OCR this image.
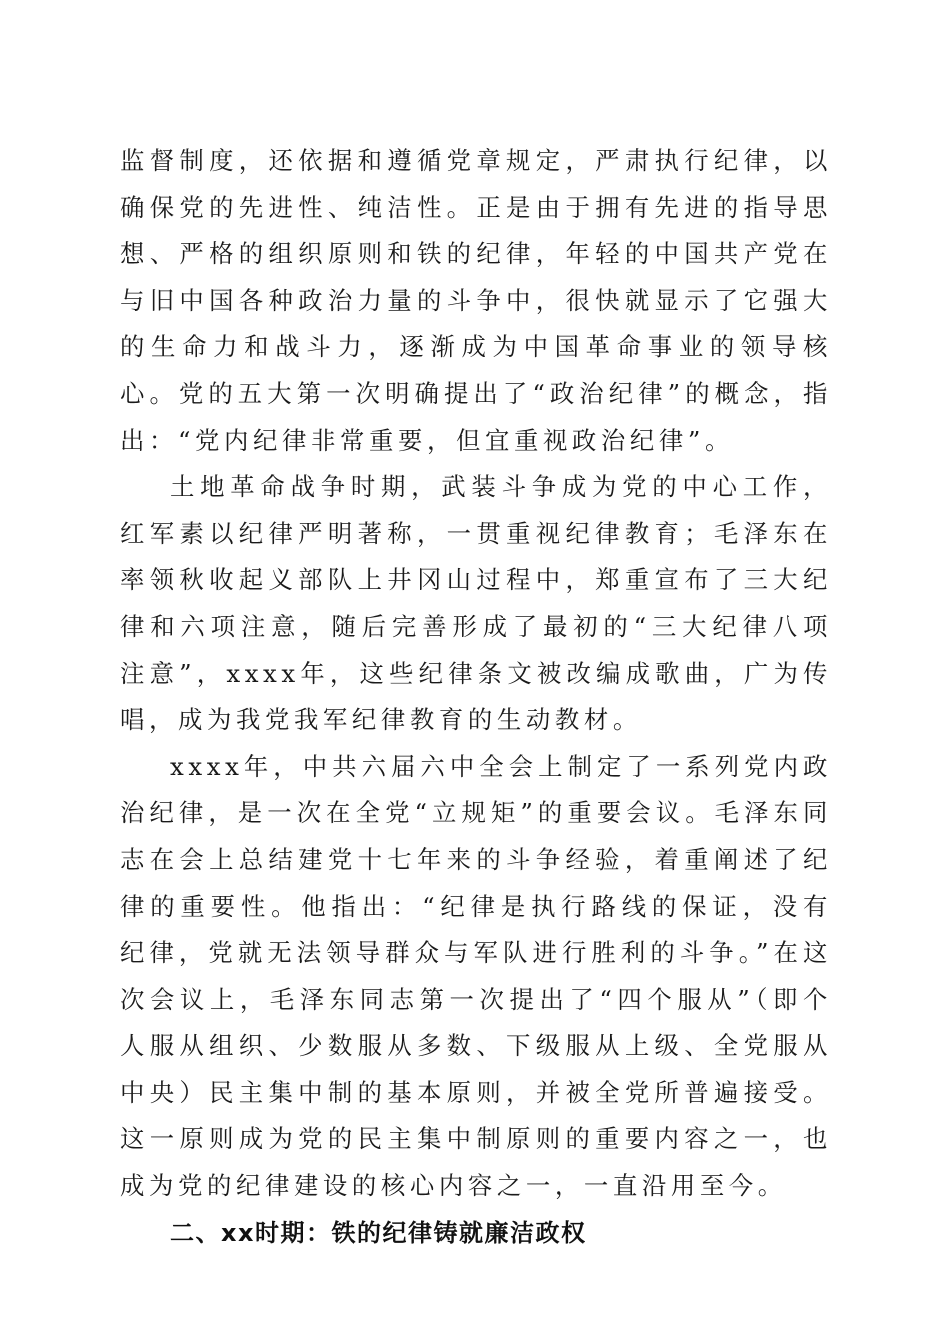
监督制度，还依据和遵循党章规定，严肃执行纪律，以确保党的先进性、纯洁性。正是由于拥有先进的指导思想、严格的组织原则和铁的纪律，年轻的中国共产党在与旧中国各种政治力量的斗争中，很快就显示了它强大的生命力和战斗力，逐渐成为中国革命事业的领导核心。党的五大第一次明确提出了“政治纪律”的概念，指出：“党内纪律非常重要，但宜重视政治纪律”。

土地革命战争时期，武装斗争成为党的中心工作，红军素以纪律严明著称，一贯重视纪律教育；毛泽东在率领秋收起义部队上井冈山过程中，郑重宣布了三大纪律和六项注意，随后完善形成了最初的“三大纪律八项注意”，xxxx年，这些纪律条文被改编成歌曲，广为传唱，成为我党我军纪律教育的生动教材。

xxxx年，中共六届六中全会上制定了一系列党内政治纪律，是一次在全党“立规矩”的重要会议。毛泽东同志在会上总结建党十七年来的斗争经验，着重阐述了纪律的重要性。他指出：“纪律是执行路线的保证，没有纪律，党就无法领导群众与军队进行胜利的斗争。”在这次会议上，毛泽东同志第一次提出了“四个服从”（即个人服从组织、少数服从多数、下级服从上级、全党服从中央）民主集中制的基本原则，并被全党所普遍接受。这一原则成为党的民主集中制原则的重要内容之一，也成为党的纪律建设的核心内容之一，一直沿用至今。

二、xx时期：铁的纪律铸就廉洁政权
